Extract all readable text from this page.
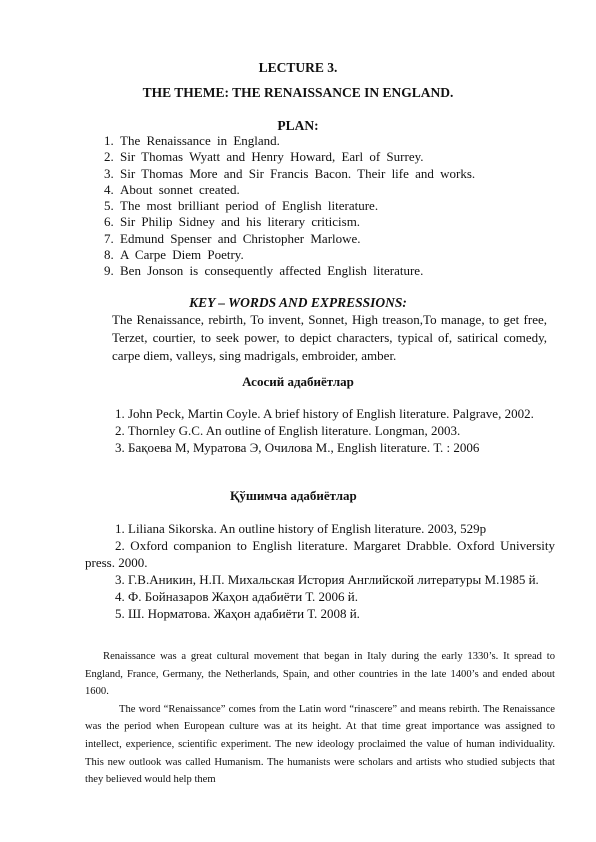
LECTURE 3.
THE THEME: THE RENAISSANCE IN ENGLAND.
PLAN:
1. The Renaissance in England.
2. Sir Thomas Wyatt and Henry Howard, Earl of Surrey.
3. Sir Thomas More and Sir Francis Bacon. Their life and works.
4. About sonnet created.
5. The most brilliant period of English literature.
6. Sir Philip Sidney and his literary criticism.
7. Edmund Spenser and Christopher Marlowe.
8. A Carpe Diem Poetry.
9. Ben Jonson is consequently affected English literature.
KEY – WORDS AND EXPRESSIONS:
The Renaissance, rebirth, To invent, Sonnet, High treason,To manage, to get free, Terzet, courtier, to seek power, to depict characters, typical of, satirical comedy, carpe diem, valleys, sing madrigals, embroider, amber.
Асосий адабиётлар

1. John Peck, Martin Coyle. A brief history of English literature. Palgrave, 2002.

2. Thornley G.C. An outline of English literature. Longman, 2003.

3. Бақоева М, Муратова Э, Очилова М., English literature. Т. : 2006

Қўшимча адабиётлар

1. Liliana Sikorska. An outline history of English literature. 2003, 529p

2. Oxford companion to English literature. Margaret Drabble. Oxford University press. 2000.

3. Г.В.Аникин, Н.П. Михальская История Английской литературы М.1985 й.

4. Ф. Бойназаров Жаҳон адабиёти Т. 2006 й.

5. Ш. Норматова. Жаҳон адабиёти Т. 2008 й.

Renaissance was a great cultural movement that began in Italy during the early 1330’s. It spread to England, France, Germany, the Netherlands, Spain, and other countries in the late 1400’s and ended about 1600.

The word “Renaissance” comes from the Latin word “rinascere” and means rebirth. The Renaissance was the period when European culture was at its height. At that time great importance was assigned to intellect, experience, scientific experiment. The new ideology proclaimed the value of human individuality. This new outlook was called Humanism. The humanists were scholars and artists who studied subjects that they believed would help them
